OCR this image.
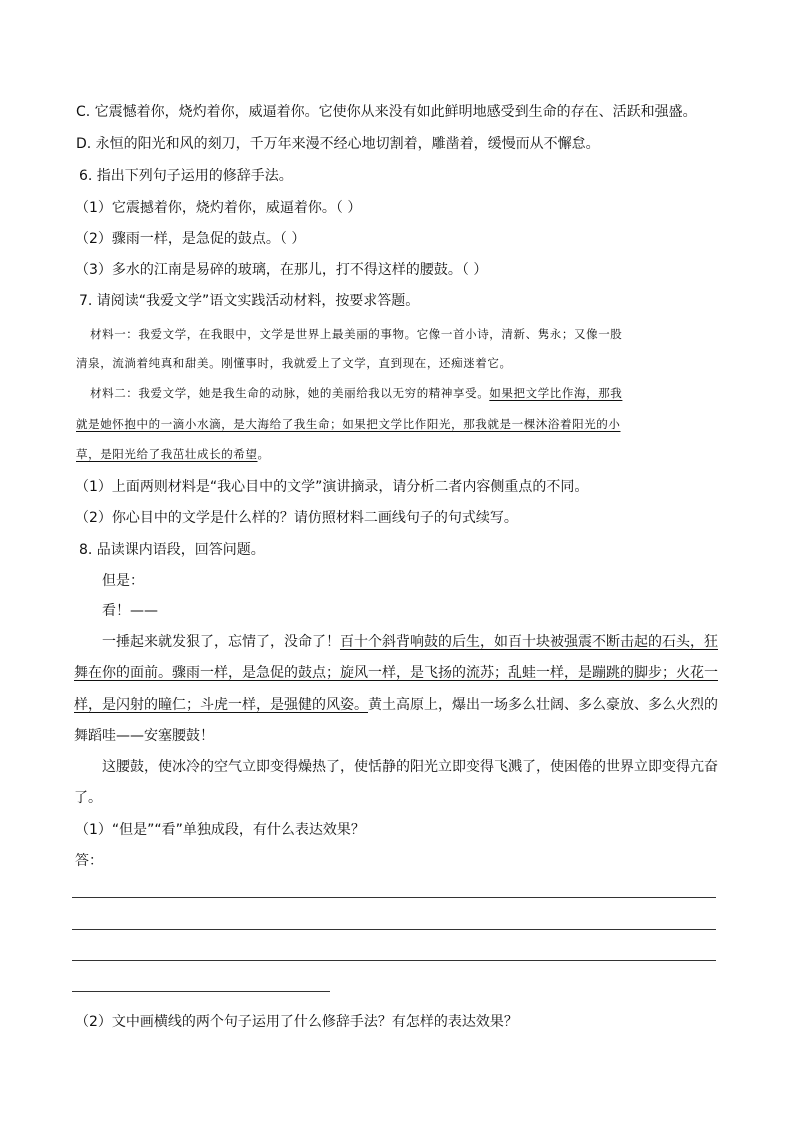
C. 它震憾着你，烧灼着你，威逼着你。它使你从来没有如此鲜明地感受到生命的存在、活跃和强盛。
D. 永恒的阳光和风的刻刀，千万年来漫不经心地切割着，雕凿着，缓慢而从不懈怠。
6. 指出下列句子运用的修辞手法。
（1）它震撼着你，烧灼着你，威逼着你。（ ）
（2）骤雨一样，是急促的鼓点。（ ）
（3）多水的江南是易碎的玻璃，在那儿，打不得这样的腰鼓。（ ）
7. 请阅读“我爱文学”语文实践活动材料，按要求答题。
材料一：我爱文学，在我眼中，文学是世界上最美丽的事物。它像一首小诗，清新、隽永；又像一股
清泉，流淌着纯真和甜美。刚懂事时，我就爱上了文学，直到现在，还痴迷着它。
材料二：我爱文学，她是我生命的动脉，她的美丽给我以无穷的精神享受。如果把文学比作海，那我
就是她怀抱中的一滴小水滴，是大海给了我生命；如果把文学比作阳光，那我就是一棵沐浴着阳光的小
草，是阳光给了我茁壮成长的希望。
（1）上面两则材料是“我心目中的文学”演讲摘录，请分析二者内容侧重点的不同。
（2）你心目中的文学是什么样的？请仿照材料二画线句子的句式续写。
8. 品读课内语段，回答问题。
但是：
看！——
一捶起来就发狠了，忘情了，没命了！百十个斜背响鼓的后生，如百十块被强震不断击起的石头，狂
舞在你的面前。骤雨一样，是急促的鼓点；旋风一样，是飞扬的流苏；乱蛙一样，是蹦跳的脚步；火花一
样，是闪射的瞳仁；斗虎一样，是强健的风姿。黄土高原上，爆出一场多么壮阔、多么豪放、多么火烈的
舞蹈哇——安塞腰鼓！
这腰鼓，使冰冷的空气立即变得燥热了，使恬静的阳光立即变得飞溅了，使困倦的世界立即变得亢奋
了。
（1）“但是”“看”单独成段，有什么表达效果？
答：
（2）文中画横线的两个句子运用了什么修辞手法？有怎样的表达效果？
